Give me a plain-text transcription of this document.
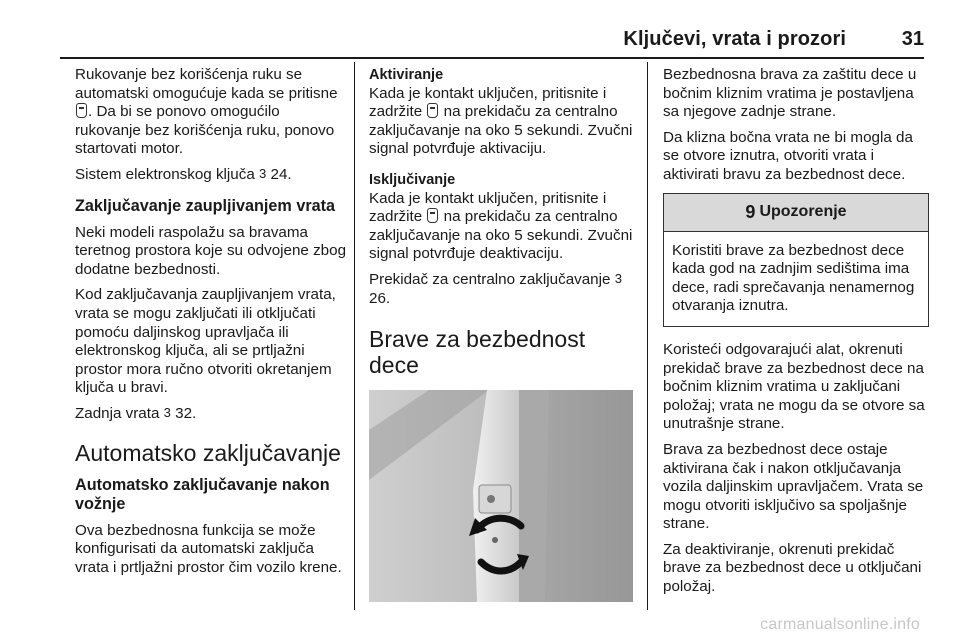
Ključevi, vrata i prozori	31

Rukovanje bez korišćenja ruku se automatski omogućuje kada se pritisne . Da bi se ponovo omogućilo rukovanje bez korišćenja ruku, ponovo startovati motor.

Sistem elektronskog ključa 3 24.

Zaključavanje zaupljivanjem vrata

Neki modeli raspolažu sa bravama teretnog prostora koje su odvojene zbog dodatne bezbednosti.

Kod zaključavanja zaupljivanjem vrata, vrata se mogu zaključati ili otključati pomoću daljinskog upravljača ili elektronskog ključa, ali se prtljažni prostor mora ručno otvoriti okretanjem ključa u bravi.

Zadnja vrata 3 32.

Automatsko zaključavanje
Automatsko zaključavanje nakon vožnje

Ova bezbednosna funkcija se može konfigurisati da automatski zaključa vrata i prtljažni prostor čim vozilo krene.

Aktiviranje

Kada je kontakt uključen, pritisnite i zadržite na prekidaču za centralno zaključavanje na oko 5 sekundi. Zvučni signal potvrđuje aktivaciju.

Isključivanje

Kada je kontakt uključen, pritisnite i zadržite na prekidaču za centralno zaključavanje na oko 5 sekundi. Zvučni signal potvrđuje deaktivaciju.

Prekidač za centralno zaključavanje 3 26.

Brave za bezbednost dece

Bezbednosna brava za zaštitu dece u bočnim kliznim vratima je postavljena sa njegove zadnje strane.

Da klizna bočna vrata ne bi mogla da se otvore iznutra, otvoriti vrata i aktivirati bravu za bezbednost dece.

9 Upozorenje
Koristiti brave za bezbednost dece kada god na zadnjim sedištima ima dece, radi sprečavanja nenamernog otvaranja iznutra.

Koristeći odgovarajući alat, okrenuti prekidač brave za bezbednost dece na bočnim kliznim vratima u zaključani položaj; vrata ne mogu da se otvore sa unutrašnje strane.

Brava za bezbednost dece ostaje aktivirana čak i nakon otključavanja vozila daljinskim upravljačem. Vrata se mogu otvoriti isključivo sa spoljašnje strane.

Za deaktiviranje, okrenuti prekidač brave za bezbednost dece u otključani položaj.

carmanualsonline.info
